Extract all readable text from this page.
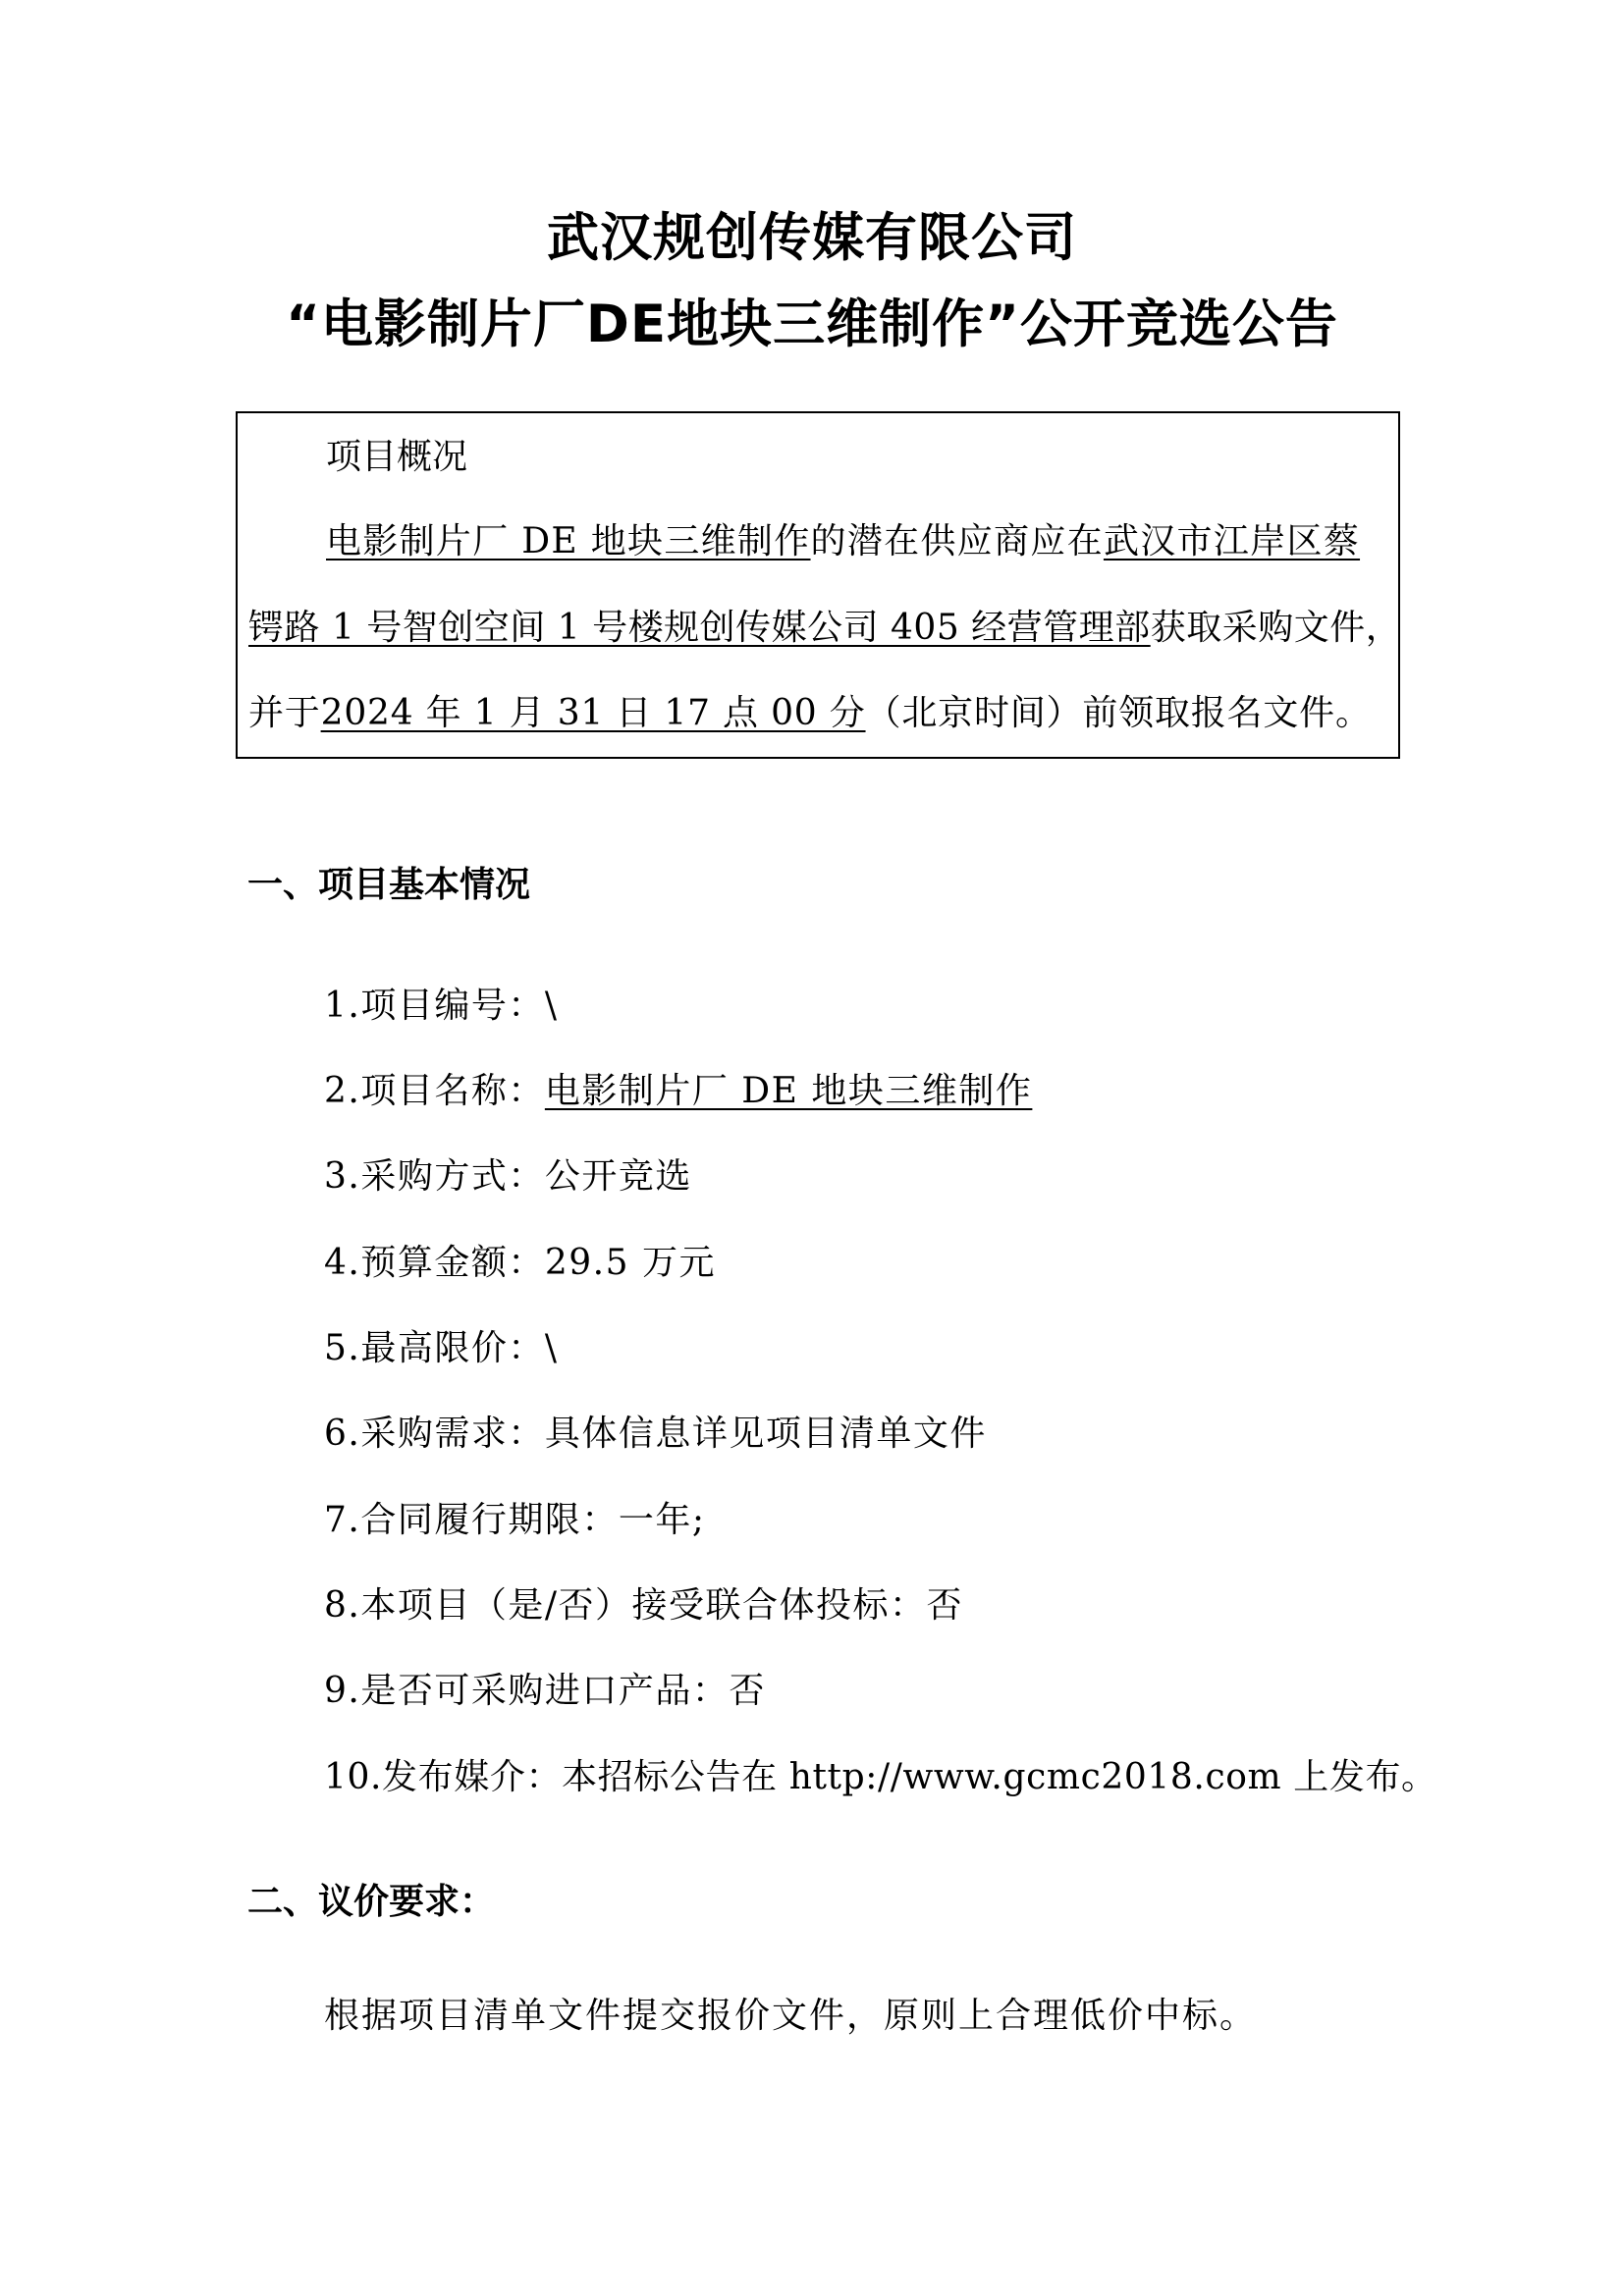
武汉规创传媒有限公司
“电影制片厂DE地块三维制作”公开竞选公告
项目概况
电影制片厂 DE 地块三维制作的潜在供应商应在武汉市江岸区蔡
锷路 1 号智创空间 1 号楼规创传媒公司 405 经营管理部获取采购文件，
并于2024 年 1 月 31 日 17 点 00 分（北京时间）前领取报名文件。
一、项目基本情况
1.项目编号：\
2.项目名称：电影制片厂 DE 地块三维制作
3.采购方式：公开竞选
4.预算金额：29.5 万元
5.最高限价：\
6.采购需求：具体信息详见项目清单文件
7.合同履行期限：一年;
8.本项目（是/否）接受联合体投标：否
9.是否可采购进口产品：否
10.发布媒介：本招标公告在 http://www.gcmc2018.com 上发布。
二、议价要求：
根据项目清单文件提交报价文件，原则上合理低价中标。
